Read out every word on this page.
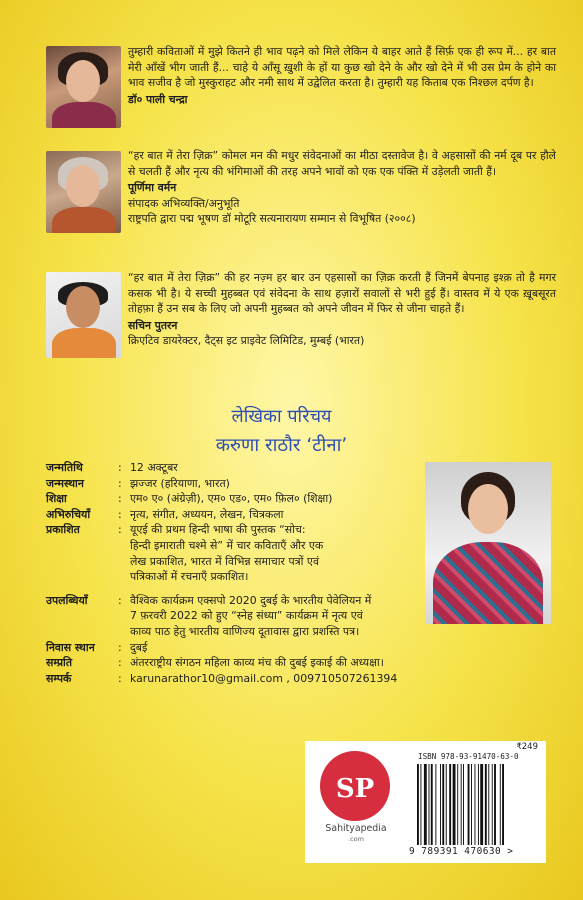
तुम्हारी कविताओं में मुझे कितने ही भाव पढ़ने को मिले लेकिन ये बाहर आते हैं सिर्फ़ एक ही रूप में... हर बात मेरी आँखें भीग जाती हैं... चाहे ये आँसू ख़ुशी के हों या कुछ खो देने के और खो देने में भी उस प्रेम के होने का भाव सजीव है जो मुस्कुराहट और नमी साथ में उद्वेलित करता है। तुम्हारी यह किताब एक निश्छल दर्पण है।
डॉ० पाली चन्द्रा
“हर बात में तेरा ज़िक्र” कोमल मन की मधुर संवेदनाओं का मीठा दस्तावेज है। वे अहसासों की नर्म दूब पर हौले से चलती हैं और नृत्य की भंगिमाओं की तरह अपने भावों को एक एक पंक्ति में उड़ेलती जाती हैं।
पूर्णिमा वर्मन
संपादक अभिव्यक्ति/अनुभूति
राष्ट्रपति द्वारा पद्म भूषण डॉ मोटूरि सत्यनारायण सम्मान से विभूषित (२००८)
“हर बात में तेरा ज़िक्र” की हर नज़्म हर बार उन एहसासों का ज़िक्र करती हैं जिनमें बेपनाह इश्क़ तो है मगर कसक भी है। ये सच्ची मुहब्बत एवं संवेदना के साथ हज़ारों सवालों से भरी हुई हैं। वास्तव में ये एक ख़ूबसूरत तोहफ़ा हैं उन सब के लिए जो अपनी मुहब्बत को अपने जीवन में फिर से जीना चाहते हैं।
सचिन पुतरन
क्रिएटिव डायरेक्टर, दैट्स इट प्राइवेट लिमिटिड, मुम्बई (भारत)
लेखिका परिचय
करुणा राठौर ‘टीना’
जन्मतिथि	: 12 अक्टूबर
जन्मस्थान	: झज्जर (हरियाणा, भारत)
शिक्षा	: एम० ए० (अंग्रेज़ी), एम० एड०, एम० फ़िल० (शिक्षा)
अभिरुचियाँ	: नृत्य, संगीत, अध्ययन, लेखन, चित्रकला
प्रकाशित	: यूएई की प्रथम हिन्दी भाषा की पुस्तक “सोच: हिन्दी इमाराती चश्मे से” में चार कविताएँ और एक लेख प्रकाशित, भारत में विभिन्न समाचार पत्रों एवं पत्रिकाओं में रचनाएँ प्रकाशित।
उपलब्धियाँ	: वैश्विक कार्यक्रम एक्सपो 2020 दुबई के भारतीय पेवेलियन में 7 फ़रवरी 2022 को हुए “स्नेह संध्या” कार्यक्रम में नृत्य एवं काव्य पाठ हेतु भारतीय वाणिज्य दूतावास द्वारा प्रशस्ति पत्र।
निवास स्थान	: दुबई
सम्प्रति	: अंतरराष्ट्रीय संगठन महिला काव्य मंच की दुबई इकाई की अध्यक्षा।
सम्पर्क	: karunarathor10@gmail.com , 009710507261394
SP
Sahityapedia
.com
₹249
ISBN 978-93-91470-63-0
9 789391 470630 >
